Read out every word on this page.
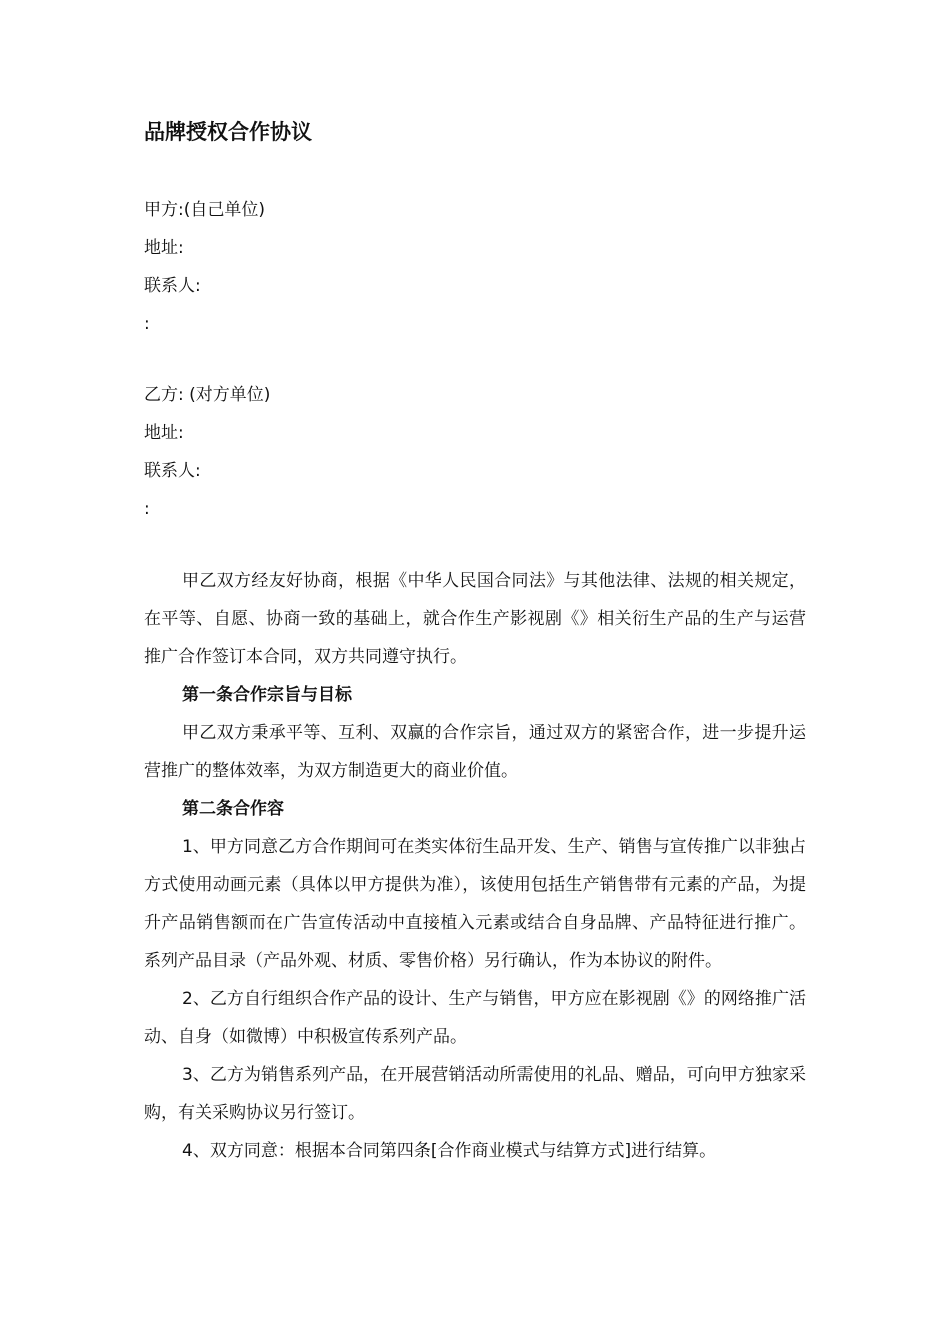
品牌授权合作协议
甲方:(自己单位)
地址:
联系人:
:
乙方: (对方单位)
地址:
联系人:
:

甲乙双方经友好协商，根据《中华人民国合同法》与其他法律、法规的相关规定，在平等、自愿、协商一致的基础上，就合作生产影视剧《》相关衍生产品的生产与运营推广合作签订本合同，双方共同遵守执行。

第一条合作宗旨与目标

甲乙双方秉承平等、互利、双赢的合作宗旨，通过双方的紧密合作，进一步提升运营推广的整体效率，为双方制造更大的商业价值。

第二条合作容

1、甲方同意乙方合作期间可在类实体衍生品开发、生产、销售与宣传推广以非独占方式使用动画元素（具体以甲方提供为准），该使用包括生产销售带有元素的产品，为提升产品销售额而在广告宣传活动中直接植入元素或结合自身品牌、产品特征进行推广。系列产品目录（产品外观、材质、零售价格）另行确认，作为本协议的附件。

2、乙方自行组织合作产品的设计、生产与销售，甲方应在影视剧《》的网络推广活动、自身（如微博）中积极宣传系列产品。

3、乙方为销售系列产品，在开展营销活动所需使用的礼品、赠品，可向甲方独家采购，有关采购协议另行签订。

4、双方同意：根据本合同第四条[合作商业模式与结算方式]进行结算。
